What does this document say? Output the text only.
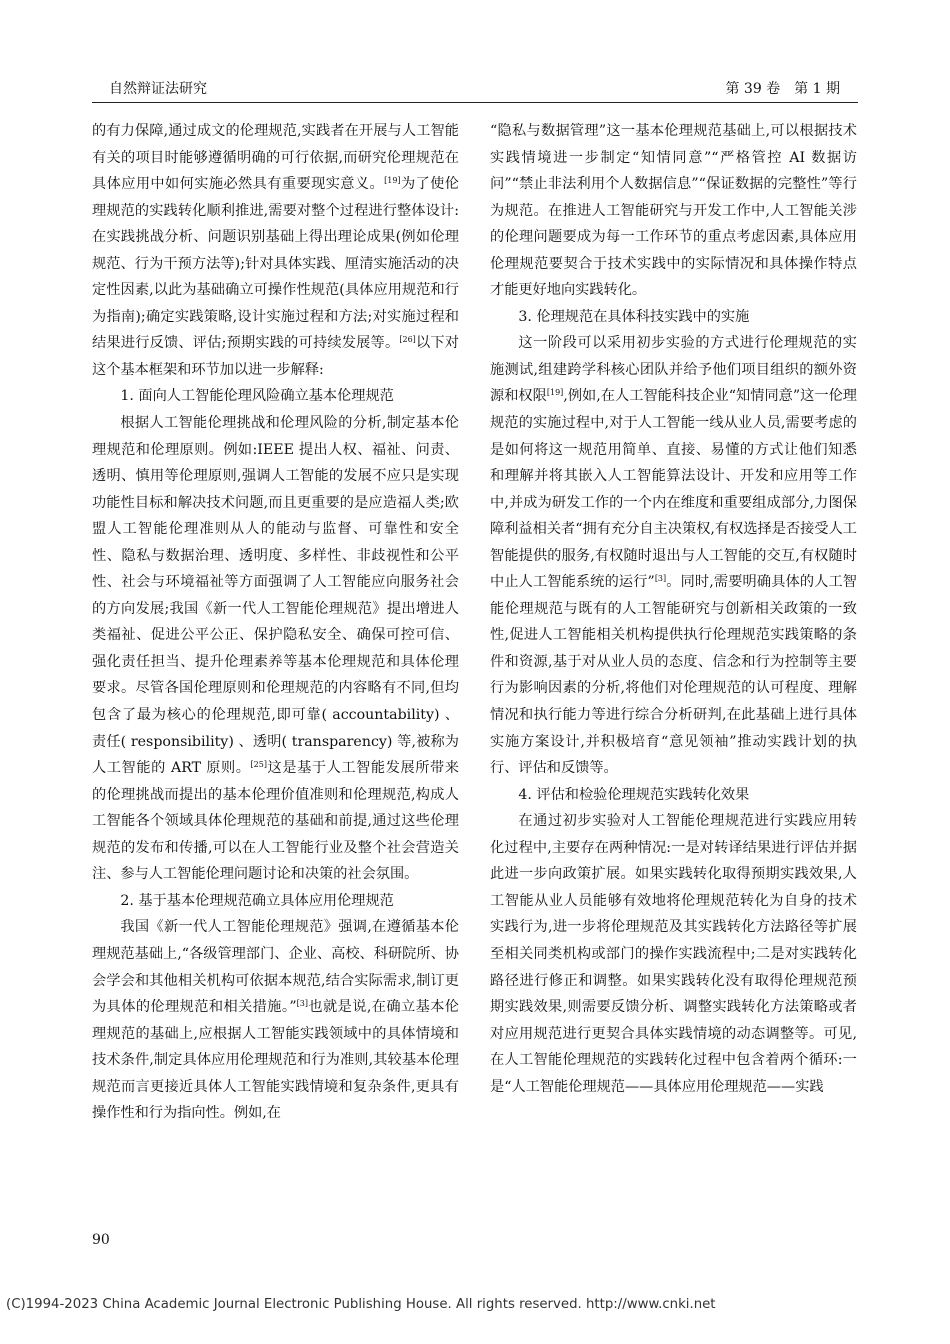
自然辩证法研究	第 39 卷　第 1 期

的有力保障,通过成文的伦理规范,实践者在开展与人工智能有关的项目时能够遵循明确的可行依据,而研究伦理规范在具体应用中如何实施必然具有重要现实意义。[19]为了使伦理规范的实践转化顺利推进,需要对整个过程进行整体设计:在实践挑战分析、问题识别基础上得出理论成果(例如伦理规范、行为干预方法等);针对具体实践、厘清实施活动的决定性因素,以此为基础确立可操作性规范(具体应用规范和行为指南);确定实践策略,设计实施过程和方法;对实施过程和结果进行反馈、评估;预期实践的可持续发展等。[26]以下对这个基本框架和环节加以进一步解释:

1. 面向人工智能伦理风险确立基本伦理规范

根据人工智能伦理挑战和伦理风险的分析,制定基本伦理规范和伦理原则。例如:IEEE 提出人权、福祉、问责、透明、慎用等伦理原则,强调人工智能的发展不应只是实现功能性目标和解决技术问题,而且更重要的是应造福人类;欧盟人工智能伦理准则从人的能动与监督、可靠性和安全性、隐私与数据治理、透明度、多样性、非歧视性和公平性、社会与环境福祉等方面强调了人工智能应向服务社会的方向发展;我国《新一代人工智能伦理规范》提出增进人类福祉、促进公平公正、保护隐私安全、确保可控可信、强化责任担当、提升伦理素养等基本伦理规范和具体伦理要求。尽管各国伦理原则和伦理规范的内容略有不同,但均包含了最为核心的伦理规范,即可靠( accountability) 、责任( responsibility) 、透明( transparency) 等,被称为人工智能的 ART 原则。[25]这是基于人工智能发展所带来的伦理挑战而提出的基本伦理价值准则和伦理规范,构成人工智能各个领域具体伦理规范的基础和前提,通过这些伦理规范的发布和传播,可以在人工智能行业及整个社会营造关注、参与人工智能伦理问题讨论和决策的社会氛围。

2. 基于基本伦理规范确立具体应用伦理规范

我国《新一代人工智能伦理规范》强调,在遵循基本伦理规范基础上,“各级管理部门、企业、高校、科研院所、协会学会和其他相关机构可依据本规范,结合实际需求,制订更为具体的伦理规范和相关措施。”[3]也就是说,在确立基本伦理规范的基础上,应根据人工智能实践领域中的具体情境和技术条件,制定具体应用伦理规范和行为准则,其较基本伦理规范而言更接近具体人工智能实践情境和复杂条件,更具有操作性和行为指向性。例如,在

“隐私与数据管理”这一基本伦理规范基础上,可以根据技术实践情境进一步制定“知情同意”“严格管控 AI 数据访问”“禁止非法利用个人数据信息”“保证数据的完整性”等行为规范。在推进人工智能研究与开发工作中,人工智能关涉的伦理问题要成为每一工作环节的重点考虑因素,具体应用伦理规范要契合于技术实践中的实际情况和具体操作特点才能更好地向实践转化。

3. 伦理规范在具体科技实践中的实施

这一阶段可以采用初步实验的方式进行伦理规范的实施测试,组建跨学科核心团队并给予他们项目组织的额外资源和权限[19],例如,在人工智能科技企业“知情同意”这一伦理规范的实施过程中,对于人工智能一线从业人员,需要考虑的是如何将这一规范用简单、直接、易懂的方式让他们知悉和理解并将其嵌入人工智能算法设计、开发和应用等工作中,并成为研发工作的一个内在维度和重要组成部分,力图保障利益相关者“拥有充分自主决策权,有权选择是否接受人工智能提供的服务,有权随时退出与人工智能的交互,有权随时中止人工智能系统的运行”[3]。同时,需要明确具体的人工智能伦理规范与既有的人工智能研究与创新相关政策的一致性,促进人工智能相关机构提供执行伦理规范实践策略的条件和资源,基于对从业人员的态度、信念和行为控制等主要行为影响因素的分析,将他们对伦理规范的认可程度、理解情况和执行能力等进行综合分析研判,在此基础上进行具体实施方案设计,并积极培育“意见领袖”推动实践计划的执行、评估和反馈等。

4. 评估和检验伦理规范实践转化效果

在通过初步实验对人工智能伦理规范进行实践应用转化过程中,主要存在两种情况:一是对转译结果进行评估并据此进一步向政策扩展。如果实践转化取得预期实践效果,人工智能从业人员能够有效地将伦理规范转化为自身的技术实践行为,进一步将伦理规范及其实践转化方法路径等扩展至相关同类机构或部门的操作实践流程中;二是对实践转化路径进行修正和调整。如果实践转化没有取得伦理规范预期实践效果,则需要反馈分析、调整实践转化方法策略或者对应用规范进行更契合具体实践情境的动态调整等。可见,在人工智能伦理规范的实践转化过程中包含着两个循环:一是“人工智能伦理规范——具体应用伦理规范——实践

90
(C)1994-2023 China Academic Journal Electronic Publishing House. All rights reserved. http://www.cnki.net
